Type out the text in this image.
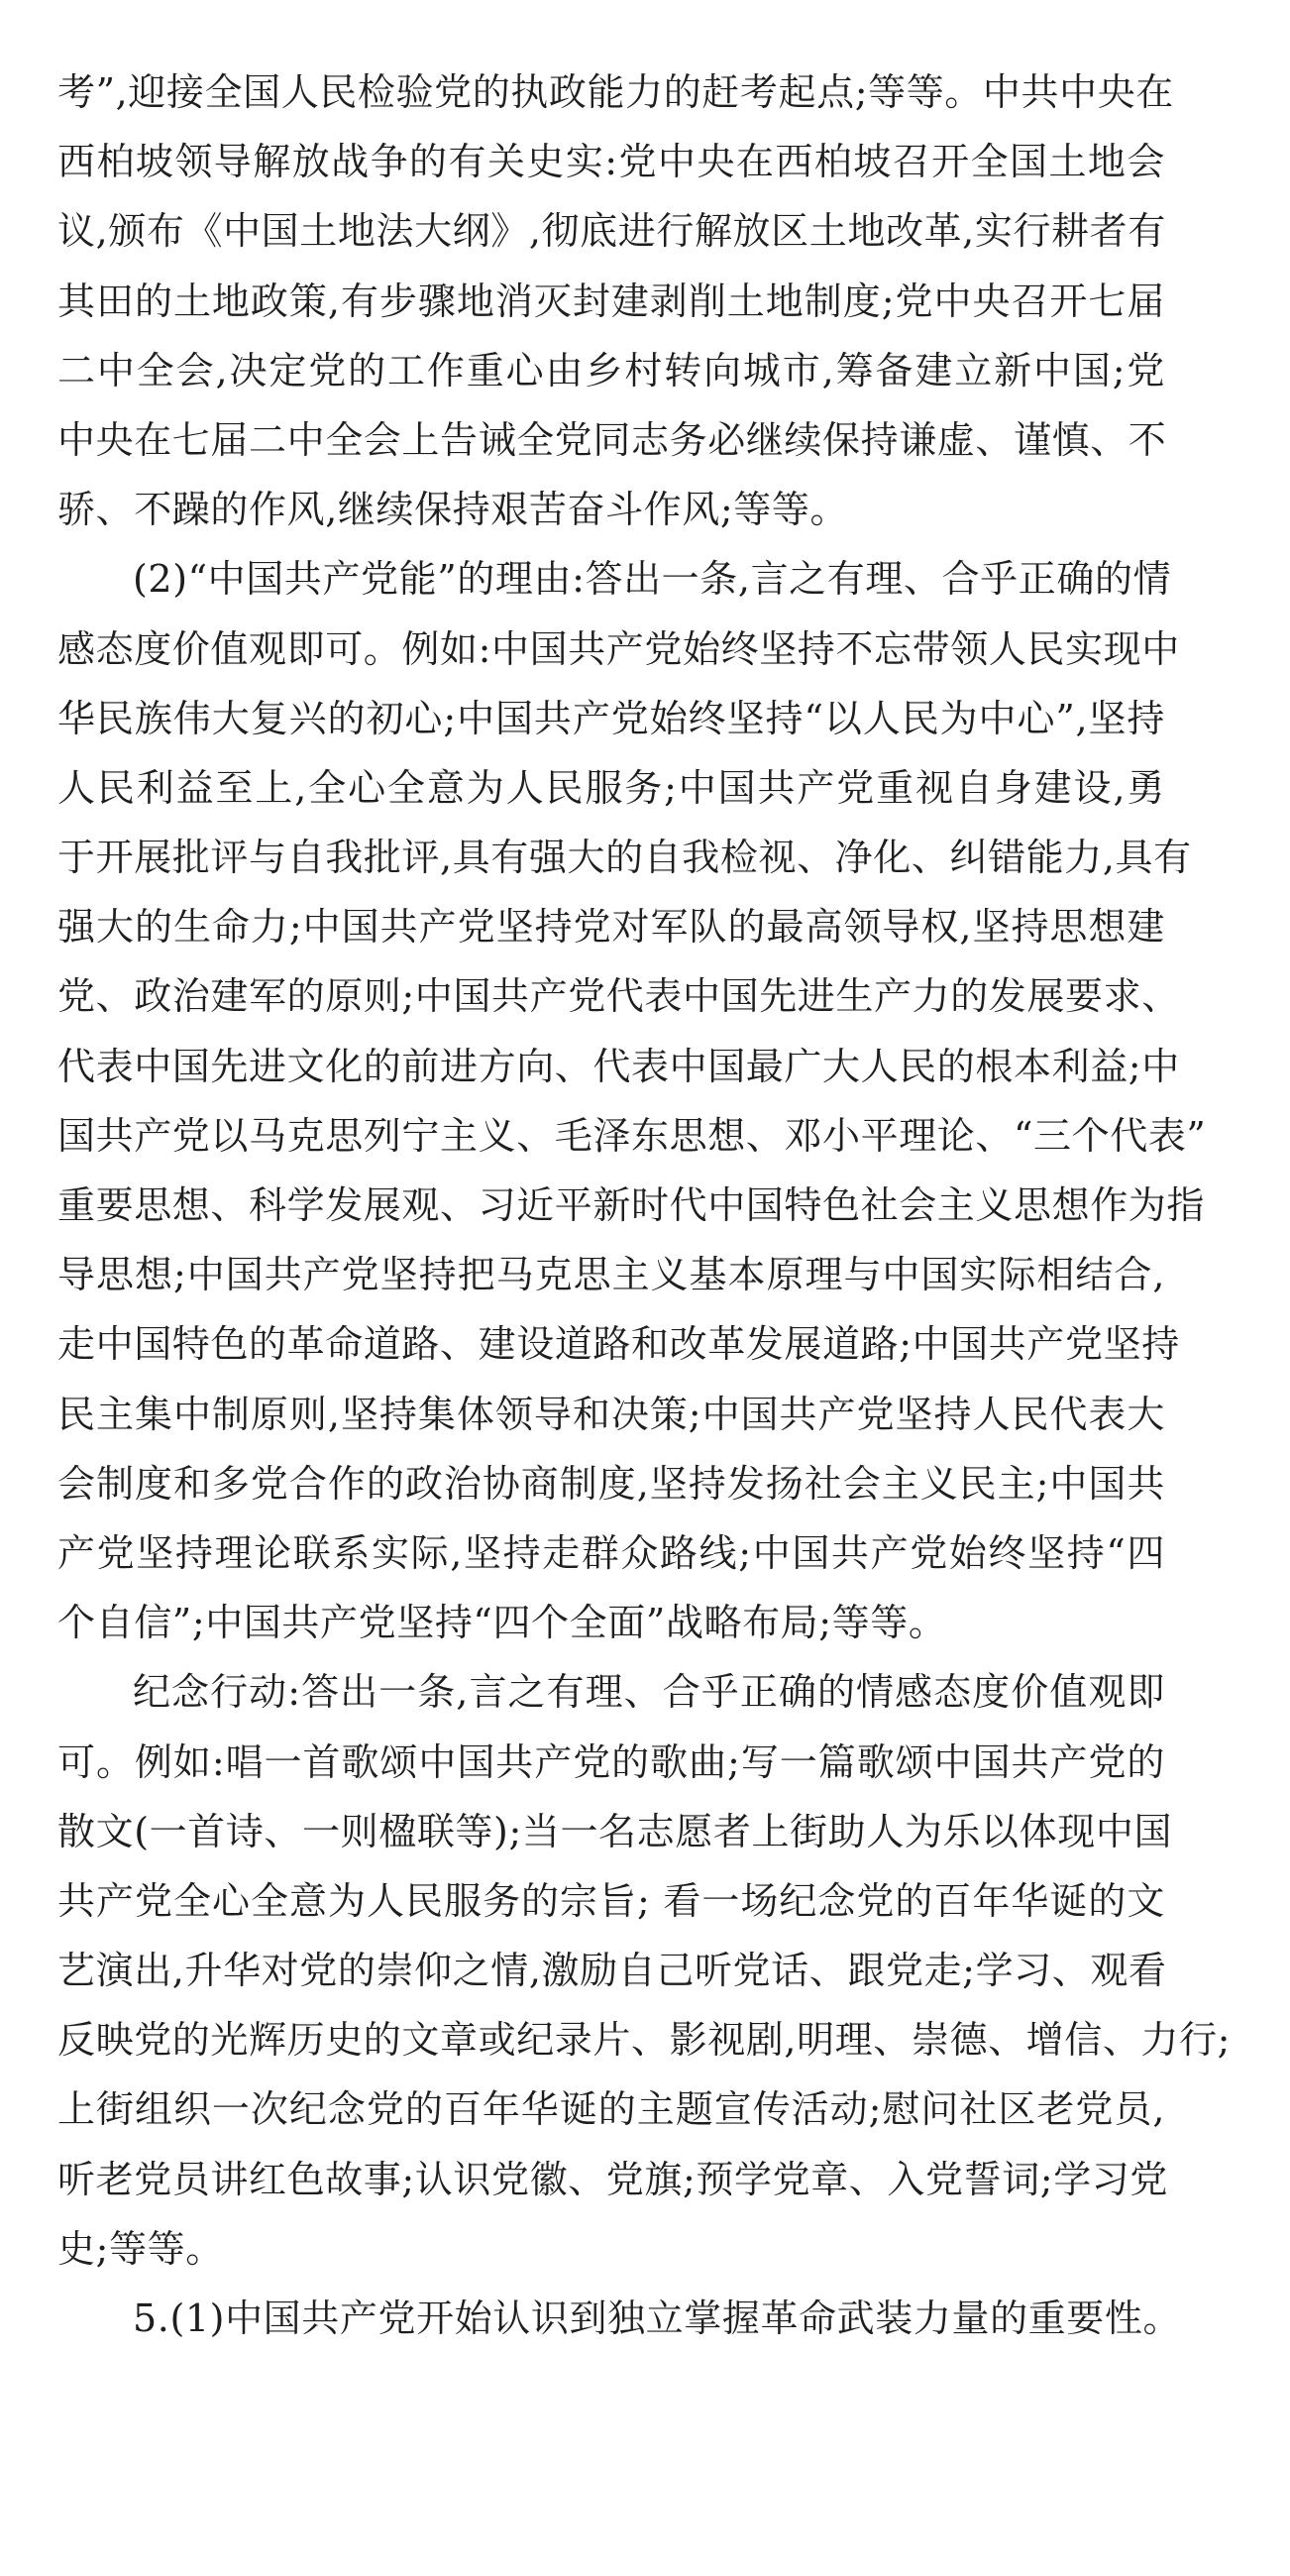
考”,迎接全国人民检验党的执政能力的赶考起点;等等。中共中央在
西柏坡领导解放战争的有关史实:党中央在西柏坡召开全国土地会
议,颁布《中国土地法大纲》,彻底进行解放区土地改革,实行耕者有
其田的土地政策,有步骤地消灭封建剥削土地制度;党中央召开七届
二中全会,决定党的工作重心由乡村转向城市,筹备建立新中国;党
中央在七届二中全会上告诫全党同志务必继续保持谦虚、谨慎、不
骄、不躁的作风,继续保持艰苦奋斗作风;等等。
(2)“中国共产党能”的理由:答出一条,言之有理、合乎正确的情
感态度价值观即可。例如:中国共产党始终坚持不忘带领人民实现中
华民族伟大复兴的初心;中国共产党始终坚持“以人民为中心”,坚持
人民利益至上,全心全意为人民服务;中国共产党重视自身建设,勇
于开展批评与自我批评,具有强大的自我检视、净化、纠错能力,具有
强大的生命力;中国共产党坚持党对军队的最高领导权,坚持思想建
党、政治建军的原则;中国共产党代表中国先进生产力的发展要求、
代表中国先进文化的前进方向、代表中国最广大人民的根本利益;中
国共产党以马克思列宁主义、毛泽东思想、邓小平理论、“三个代表”
重要思想、科学发展观、习近平新时代中国特色社会主义思想作为指
导思想;中国共产党坚持把马克思主义基本原理与中国实际相结合,
走中国特色的革命道路、建设道路和改革发展道路;中国共产党坚持
民主集中制原则,坚持集体领导和决策;中国共产党坚持人民代表大
会制度和多党合作的政治协商制度,坚持发扬社会主义民主;中国共
产党坚持理论联系实际,坚持走群众路线;中国共产党始终坚持“四
个自信”;中国共产党坚持“四个全面”战略布局;等等。
纪念行动:答出一条,言之有理、合乎正确的情感态度价值观即
可。例如:唱一首歌颂中国共产党的歌曲;写一篇歌颂中国共产党的
散文(一首诗、一则楹联等);当一名志愿者上街助人为乐以体现中国
共产党全心全意为人民服务的宗旨; 看一场纪念党的百年华诞的文
艺演出,升华对党的崇仰之情,激励自己听党话、跟党走;学习、观看
反映党的光辉历史的文章或纪录片、影视剧,明理、崇德、增信、力行;
上街组织一次纪念党的百年华诞的主题宣传活动;慰问社区老党员,
听老党员讲红色故事;认识党徽、党旗;预学党章、入党誓词;学习党
史;等等。
5.(1)中国共产党开始认识到独立掌握革命武装力量的重要性。
